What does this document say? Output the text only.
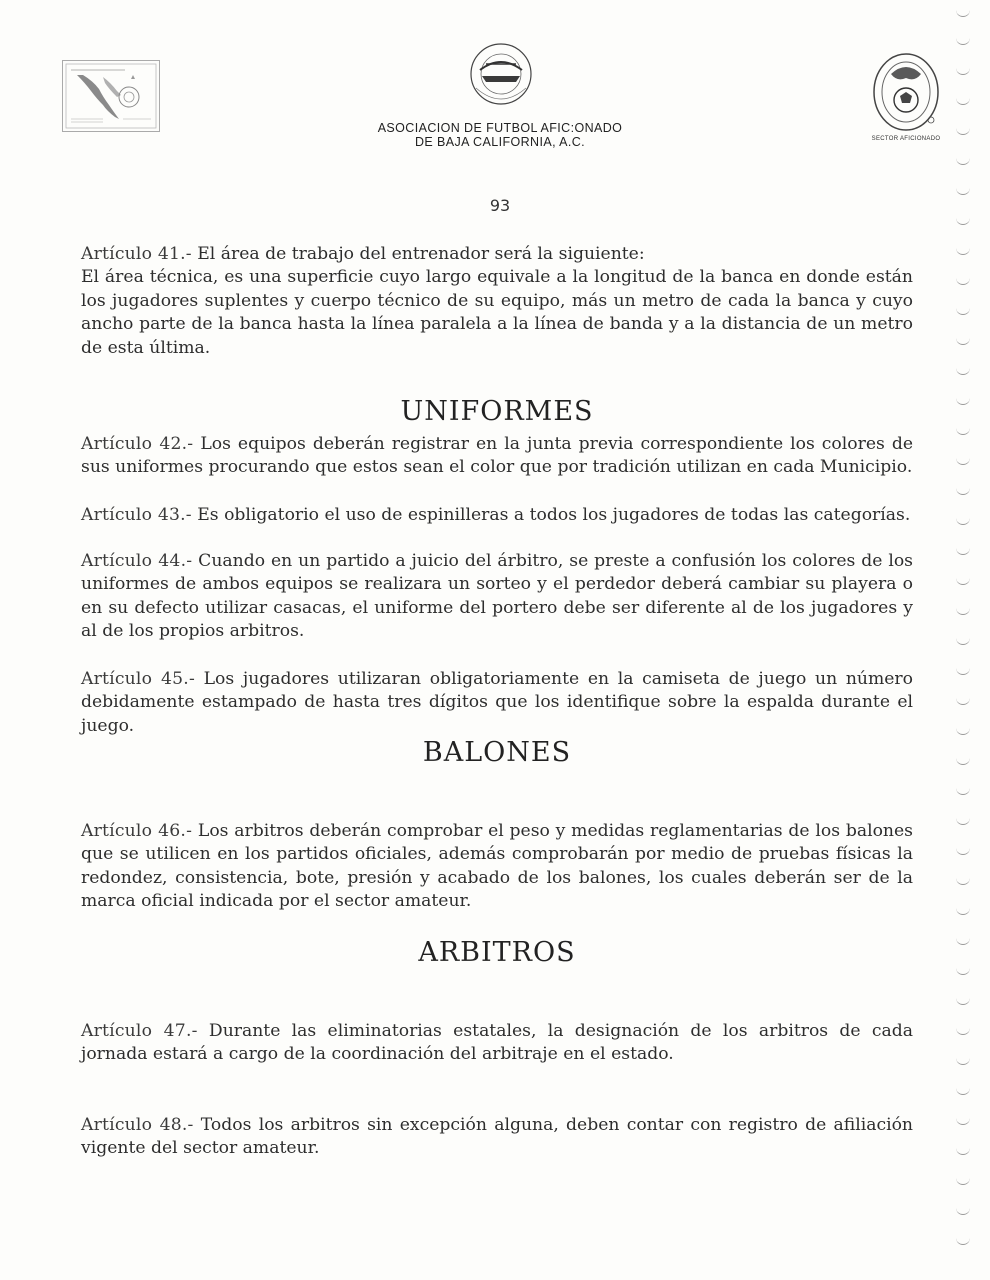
ASOCIACION DE FUTBOL AFIC:ONADO
DE BAJA CALIFORNIA, A.C.	SECTOR AFICIONADO
93

Artículo 41.- El área de trabajo del entrenador será la siguiente:

El área técnica, es una superficie cuyo largo equivale a la longitud de la banca en donde están los jugadores suplentes y cuerpo técnico de su equipo, más un metro de cada la banca y cuyo ancho parte de la banca hasta la línea paralela a la línea de banda y a la distancia de un metro de esta última.

UNIFORMES

Artículo 42.- Los equipos deberán registrar en la junta previa correspondiente los colores de sus uniformes procurando que estos sean el color que por tradición utilizan en cada Municipio.

Artículo 43.- Es obligatorio el uso de espinilleras a todos los jugadores de todas las categorías.

Artículo 44.- Cuando en un partido a juicio del árbitro, se preste a confusión los colores de los uniformes de ambos equipos se realizara un sorteo y el perdedor deberá cambiar su playera o en su defecto utilizar casacas, el uniforme del portero debe ser diferente al de los jugadores y al de los propios arbitros.

Artículo 45.- Los jugadores utilizaran obligatoriamente en la camiseta de juego un número debidamente estampado de hasta tres dígitos que los identifique sobre la espalda durante el juego.

BALONES

Artículo 46.- Los arbitros deberán comprobar el peso y medidas reglamentarias de los balones que se utilicen en los partidos oficiales, además comprobarán por medio de pruebas físicas la redondez, consistencia, bote, presión y acabado de los balones, los cuales deberán ser de la marca oficial indicada por el sector amateur.

ARBITROS

Artículo 47.- Durante las eliminatorias estatales, la designación de los arbitros de cada jornada estará a cargo de la coordinación del arbitraje en el estado.

Artículo 48.- Todos los arbitros sin excepción alguna, deben contar con registro de afiliación vigente del sector amateur.
